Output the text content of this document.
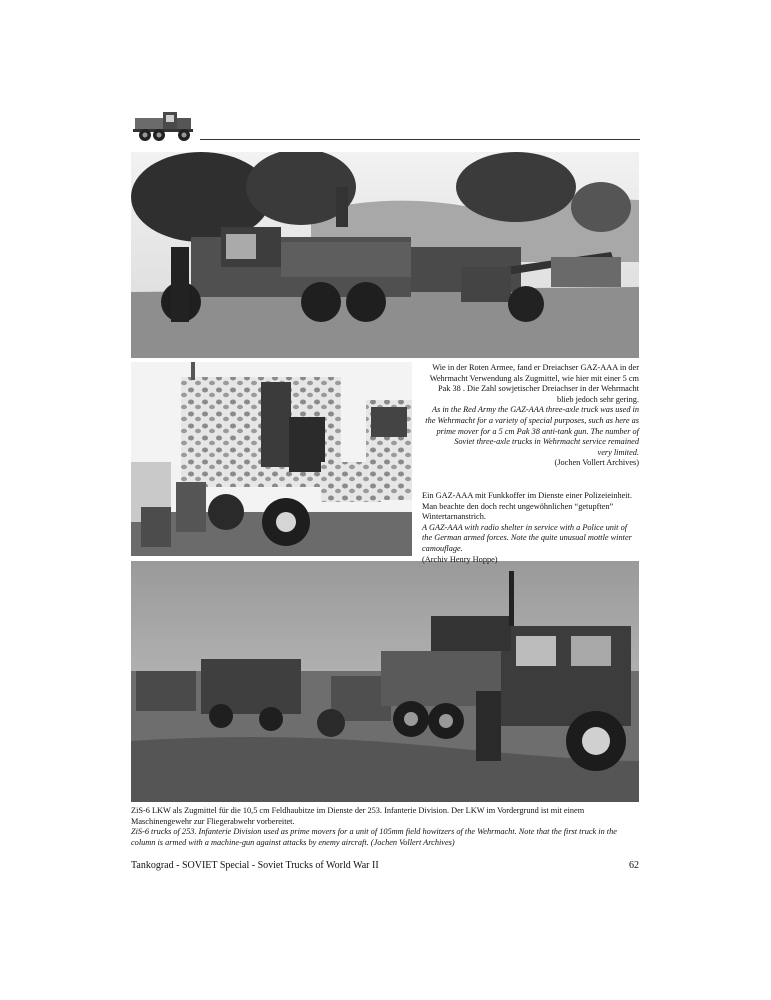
Wie in der Roten Armee, fand er Dreiachser GAZ-AAA in der
Wehrmacht Verwendung als Zugmittel, wie hier mit einer 5 cm
Pak 38 . Die Zahl sowjetischer Dreiachser in der Wehrmacht
blieb jedoch sehr gering.
As in the Red Army the GAZ-AAA three-axle truck was used in
the Wehrmacht for a variety of special purposes, such as here as
prime mover for a 5 cm Pak 38 anti-tank gun. The number of
Soviet three-axle trucks in Wehrmacht service remained
very limited.
(Jochen Vollert Archives)
Ein GAZ-AAA mit Funkkoffer im Dienste einer Polizeieinheit.
Man beachte den doch recht ungewöhnlichen “getupften”
Wintertarnanstrich.
A GAZ-AAA with radio shelter in service with a Police unit of
the German armed forces. Note the quite unusual mottle winter
camouflage.
(Archiv Henry Hoppe)
ZiS-6 LKW als Zugmittel für die 10,5 cm Feldhaubitze im Dienste der 253. Infanterie Division. Der LKW im Vordergrund ist mit einem
Maschinengewehr zur Fliegerabwehr vorbereitet.
ZiS-6 trucks of 253. Infanterie Division used as prime movers for a unit of 105mm field howitzers of the Wehrmacht. Note that the first truck in the
column is armed with a machine-gun against attacks by enemy aircraft. (Jochen Vollert Archives)
Tankograd - SOVIET Special - Soviet Trucks of World War II	62
